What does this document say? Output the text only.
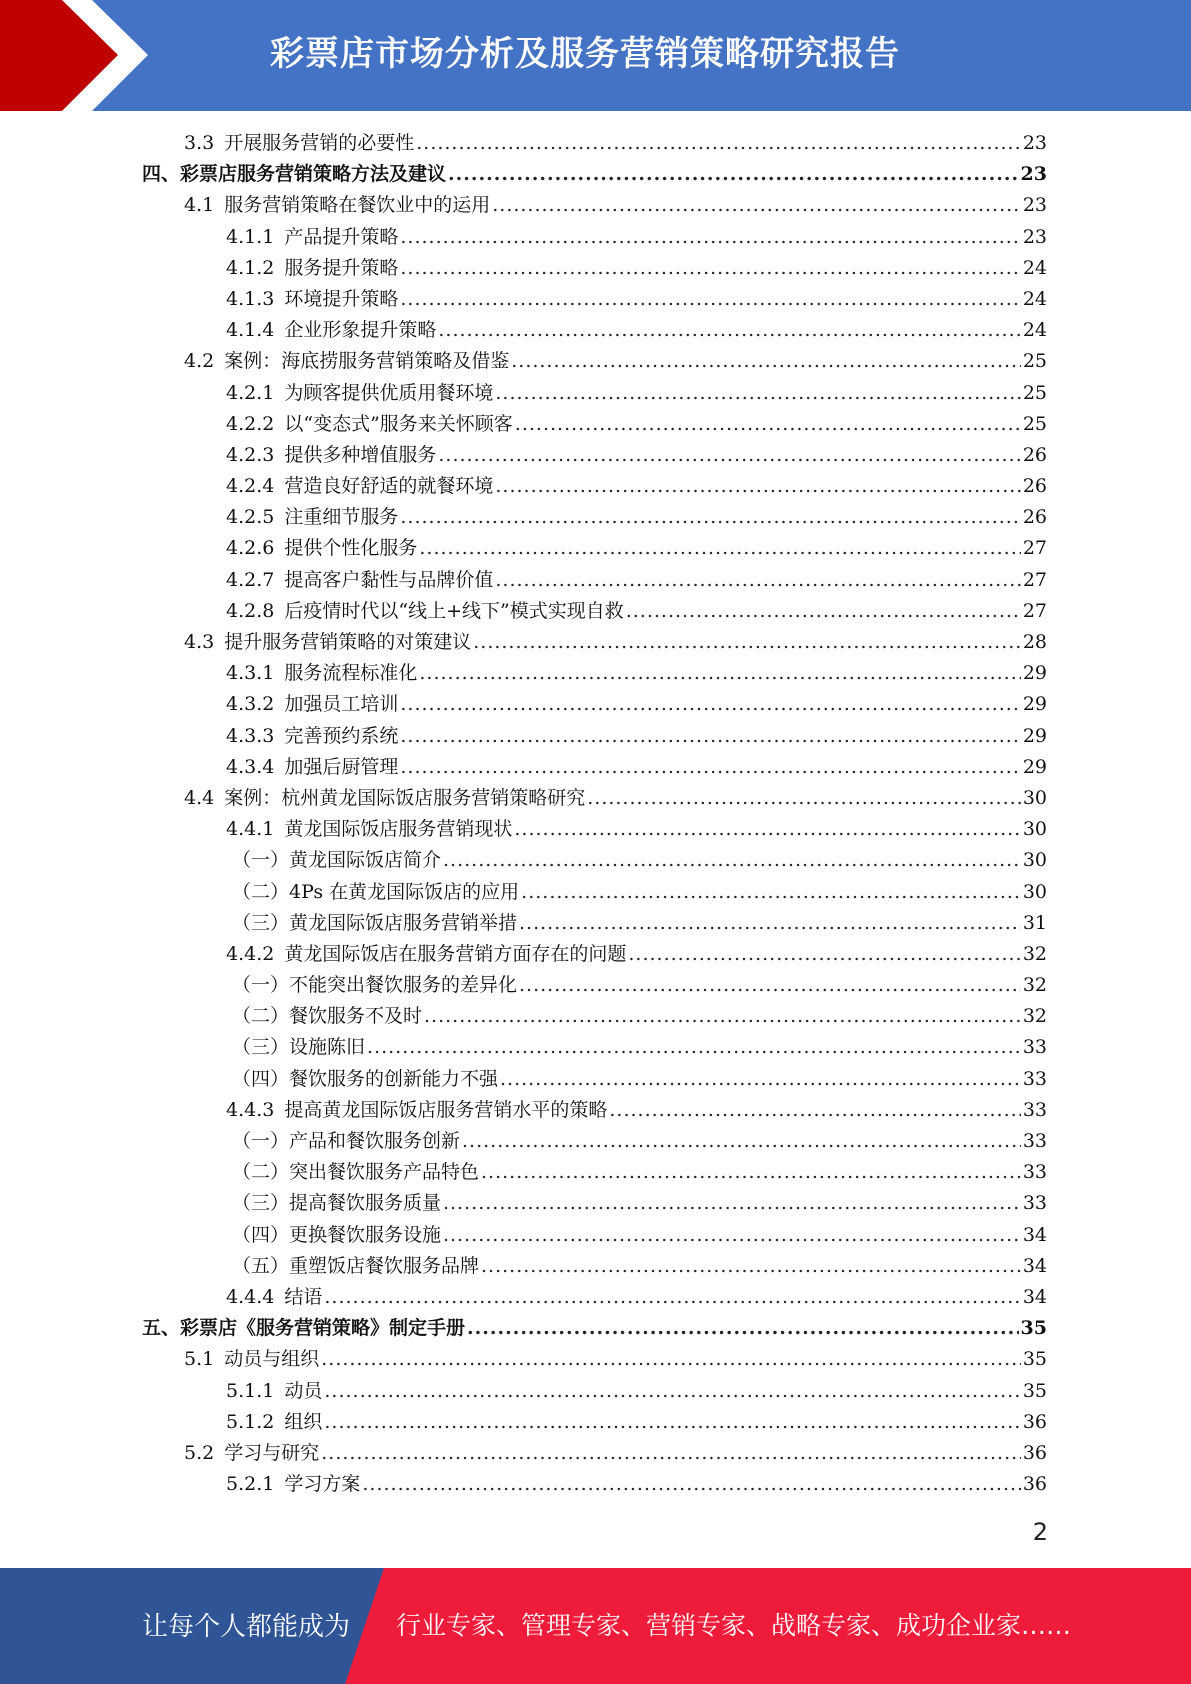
彩票店市场分析及服务营销策略研究报告
3.3 开展服务营销的必要性 .....	23
四、彩票店服务营销策略方法及建议 .....	23
4.1 服务营销策略在餐饮业中的运用 .....	23
4.1.1 产品提升策略 .....	23
4.1.2 服务提升策略 .....	24
4.1.3 环境提升策略 .....	24
4.1.4 企业形象提升策略 .....	24
4.2 案例：海底捞服务营销策略及借鉴 .....	25
4.2.1 为顾客提供优质用餐环境 .....	25
4.2.2 以“变态式”服务来关怀顾客 .....	25
4.2.3 提供多种增值服务 .....	26
4.2.4 营造良好舒适的就餐环境 .....	26
4.2.5 注重细节服务 .....	26
4.2.6 提供个性化服务 .....	27
4.2.7 提高客户黏性与品牌价值 .....	27
4.2.8 后疫情时代以“线上+线下”模式实现自救 .....	27
4.3 提升服务营销策略的对策建议 .....	28
4.3.1 服务流程标准化 .....	29
4.3.2 加强员工培训 .....	29
4.3.3 完善预约系统 .....	29
4.3.4 加强后厨管理 .....	29
4.4 案例：杭州黄龙国际饭店服务营销策略研究 .....	30
4.4.1 黄龙国际饭店服务营销现状 .....	30
（一）黄龙国际饭店简介 .....	30
（二）4Ps 在黄龙国际饭店的应用 .....	30
（三）黄龙国际饭店服务营销举措 .....	31
4.4.2 黄龙国际饭店在服务营销方面存在的问题 .....	32
（一）不能突出餐饮服务的差异化 .....	32
（二）餐饮服务不及时 .....	32
（三）设施陈旧 .....	33
（四）餐饮服务的创新能力不强 .....	33
4.4.3 提高黄龙国际饭店服务营销水平的策略 .....	33
（一）产品和餐饮服务创新 .....	33
（二）突出餐饮服务产品特色 .....	33
（三）提高餐饮服务质量 .....	33
（四）更换餐饮服务设施 .....	34
（五）重塑饭店餐饮服务品牌 .....	34
4.4.4 结语 .....	34
五、彩票店《服务营销策略》制定手册 .....	35
5.1 动员与组织 .....	35
5.1.1 动员 .....	35
5.1.2 组织 .....	36
5.2 学习与研究 .....	36
5.2.1 学习方案 .....	36
2
让每个人都能成为 行业专家、管理专家、营销专家、战略专家、成功企业家……
